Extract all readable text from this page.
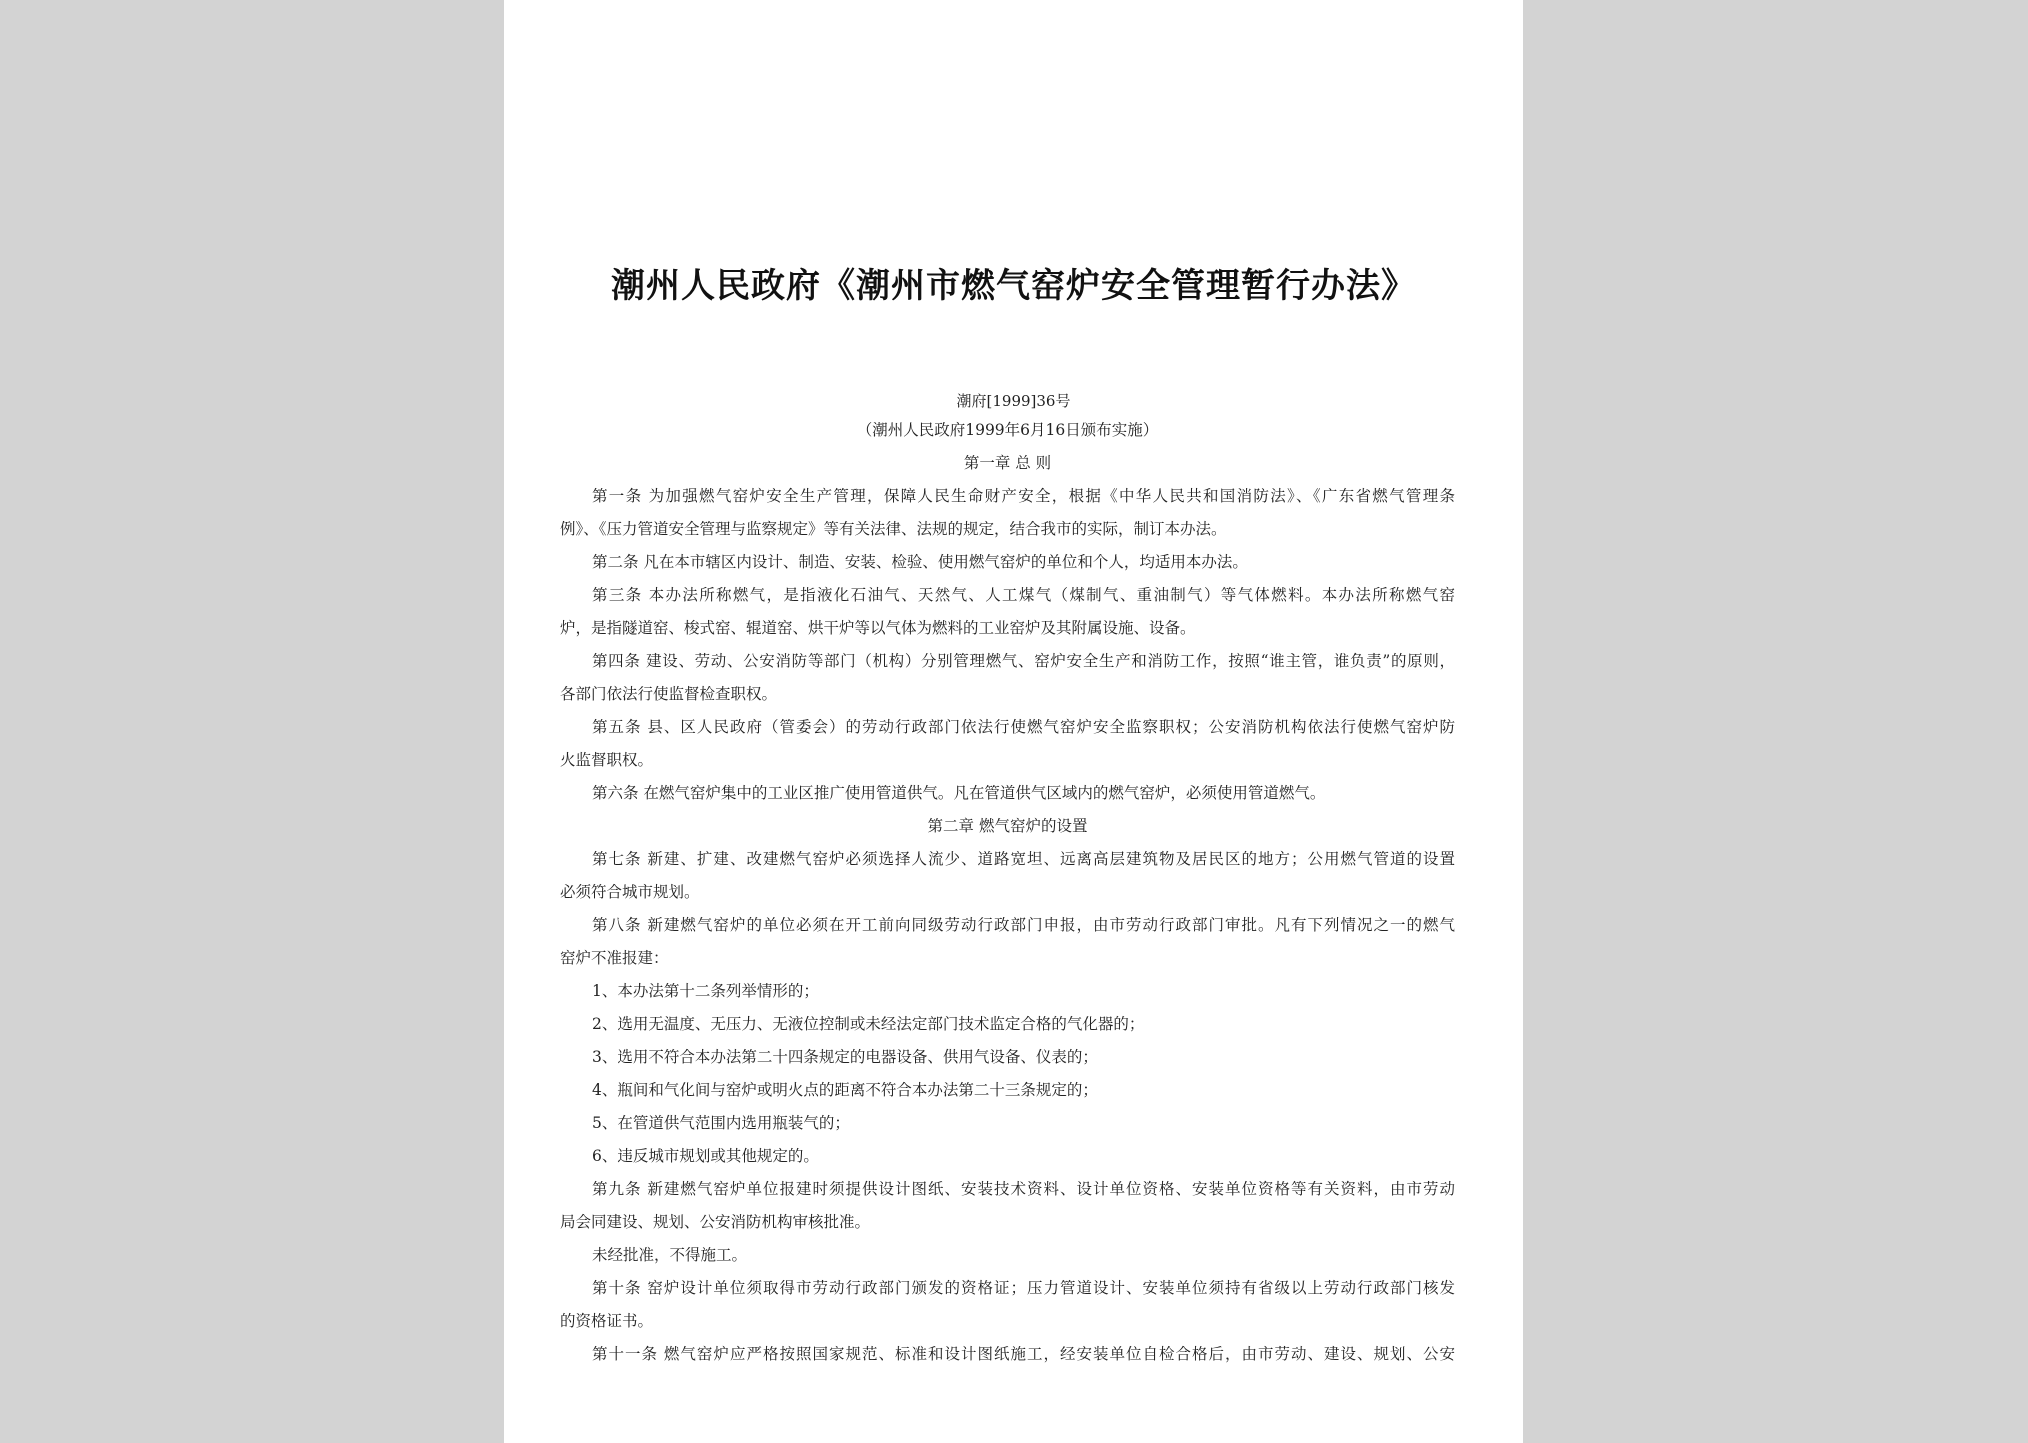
潮州人民政府《潮州市燃气窑炉安全管理暂行办法》
潮府[1999]36号
（潮州人民政府1999年6月16日颁布实施）
第一章 总 则
第一条 为加强燃气窑炉安全生产管理，保障人民生命财产安全，根据《中华人民共和国消防法》、《广东省燃气管理条
例》、《压力管道安全管理与监察规定》等有关法律、法规的规定，结合我市的实际，制订本办法。
第二条 凡在本市辖区内设计、制造、安装、检验、使用燃气窑炉的单位和个人，均适用本办法。
第三条 本办法所称燃气，是指液化石油气、天然气、人工煤气（煤制气、重油制气）等气体燃料。本办法所称燃气窑
炉，是指隧道窑、梭式窑、辊道窑、烘干炉等以气体为燃料的工业窑炉及其附属设施、设备。
第四条 建设、劳动、公安消防等部门（机构）分别管理燃气、窑炉安全生产和消防工作，按照“谁主管，谁负责”的原则，
各部门依法行使监督检查职权。
第五条 县、区人民政府（管委会）的劳动行政部门依法行使燃气窑炉安全监察职权；公安消防机构依法行使燃气窑炉防
火监督职权。
第六条 在燃气窑炉集中的工业区推广使用管道供气。凡在管道供气区域内的燃气窑炉，必须使用管道燃气。
第二章 燃气窑炉的设置
第七条 新建、扩建、改建燃气窑炉必须选择人流少、道路宽坦、远离高层建筑物及居民区的地方；公用燃气管道的设置
必须符合城市规划。
第八条 新建燃气窑炉的单位必须在开工前向同级劳动行政部门申报，由市劳动行政部门审批。凡有下列情况之一的燃气
窑炉不准报建：
1、本办法第十二条列举情形的；
2、选用无温度、无压力、无液位控制或未经法定部门技术监定合格的气化器的；
3、选用不符合本办法第二十四条规定的电器设备、供用气设备、仪表的；
4、瓶间和气化间与窑炉或明火点的距离不符合本办法第二十三条规定的；
5、在管道供气范围内选用瓶装气的；
6、违反城市规划或其他规定的。
第九条 新建燃气窑炉单位报建时须提供设计图纸、安装技术资料、设计单位资格、安装单位资格等有关资料，由市劳动
局会同建设、规划、公安消防机构审核批准。
未经批准，不得施工。
第十条 窑炉设计单位须取得市劳动行政部门颁发的资格证；压力管道设计、安装单位须持有省级以上劳动行政部门核发
的资格证书。
第十一条 燃气窑炉应严格按照国家规范、标准和设计图纸施工，经安装单位自检合格后，由市劳动、建设、规划、公安
